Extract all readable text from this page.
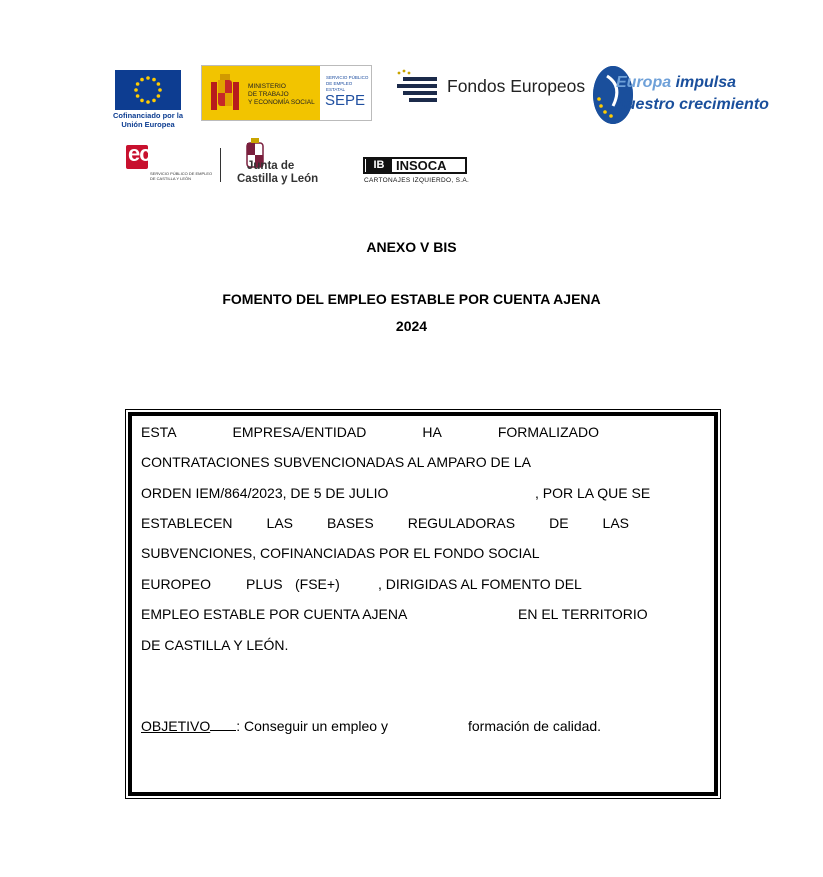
Cofinanciado por la Unión Europea
MINISTERIO
DE TRABAJO
Y ECONOMÍA SOCIAL
SERVICIO PÚBLICO
DE EMPLEO ESTATAL
SEPE
Fondos Europeos Europa impulsa
nuestro crecimiento
ecyl
SERVICIO PÚBLICO DE EMPLEO
DE CASTILLA Y LEÓN
Junta de
Castilla y León
IB INSOCA
CARTONAJES IZQUIERDO, S.A.
ANEXO V BIS
FOMENTO DEL EMPLEO ESTABLE POR CUENTA AJENA
2024
ESTA	EMPRESA/ENTIDAD	HA	FORMALIZADO
CONTRATACIONES SUBVENCIONADAS AL AMPARO DE LA
ORDEN IEM/864/2023, DE 5 DE JULIO	, POR LA QUE SE
ESTABLECEN LAS BASES REGULADORAS DE LAS
SUBVENCIONES, COFINANCIADAS POR EL FONDO SOCIAL
EUROPEO PLUS (FSE+)	, DIRIGIDAS AL FOMENTO DEL
EMPLEO ESTABLE POR CUENTA AJENA	EN EL TERRITORIO
DE CASTILLA Y LEÓN.
OBJETIVO : Conseguir un empleo y	formación de calidad.
